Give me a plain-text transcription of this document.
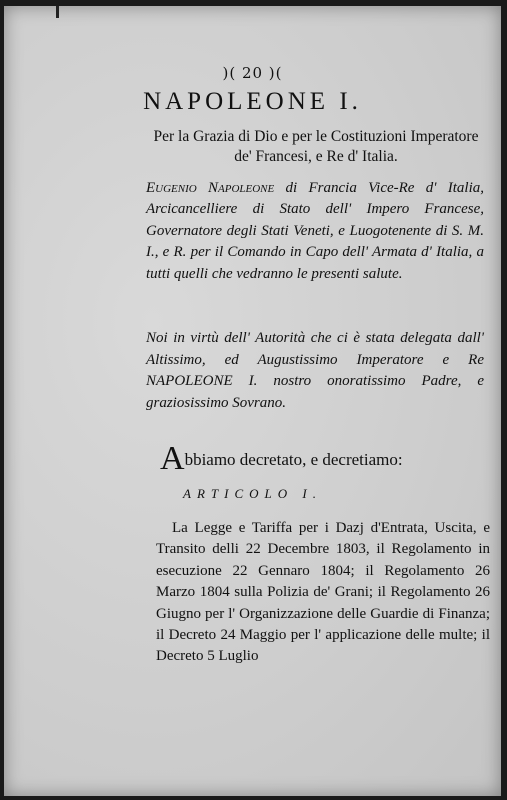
)( 20 )(
NAPOLEONE I.
Per la Grazia di Dio e per le Costituzioni Imperatore de' Francesi, e Re d' Italia.
Eugenio Napoleone di Francia Vice-Re d' Italia, Arcicancelliere di Stato dell' Impero Francese, Governatore degli Stati Veneti, e Luogotenente di S. M. I., e R. per il Comando in Capo dell' Armata d' Italia, a tutti quelli che vedranno le presenti salute.
Noi in virtù dell' Autorità che ci è stata delegata dall' Altissimo, ed Augustissimo Imperatore e Re NAPOLEONE I. nostro onoratissimo Padre, e graziosissimo Sovrano.
Abbiamo decretato, e decretiamo:
ARTICOLO I.
La Legge e Tariffa per i Dazj d'Entrata, Uscita, e Transito delli 22 Decembre 1803, il Regolamento in esecuzione 22 Gennaro 1804; il Regolamento 26 Marzo 1804 sulla Polizia de' Grani; il Regolamento 26 Giugno per l' Organizzazione delle Guardie di Finanza; il Decreto 24 Maggio per l' applicazione delle multe; il Decreto 5 Luglio
